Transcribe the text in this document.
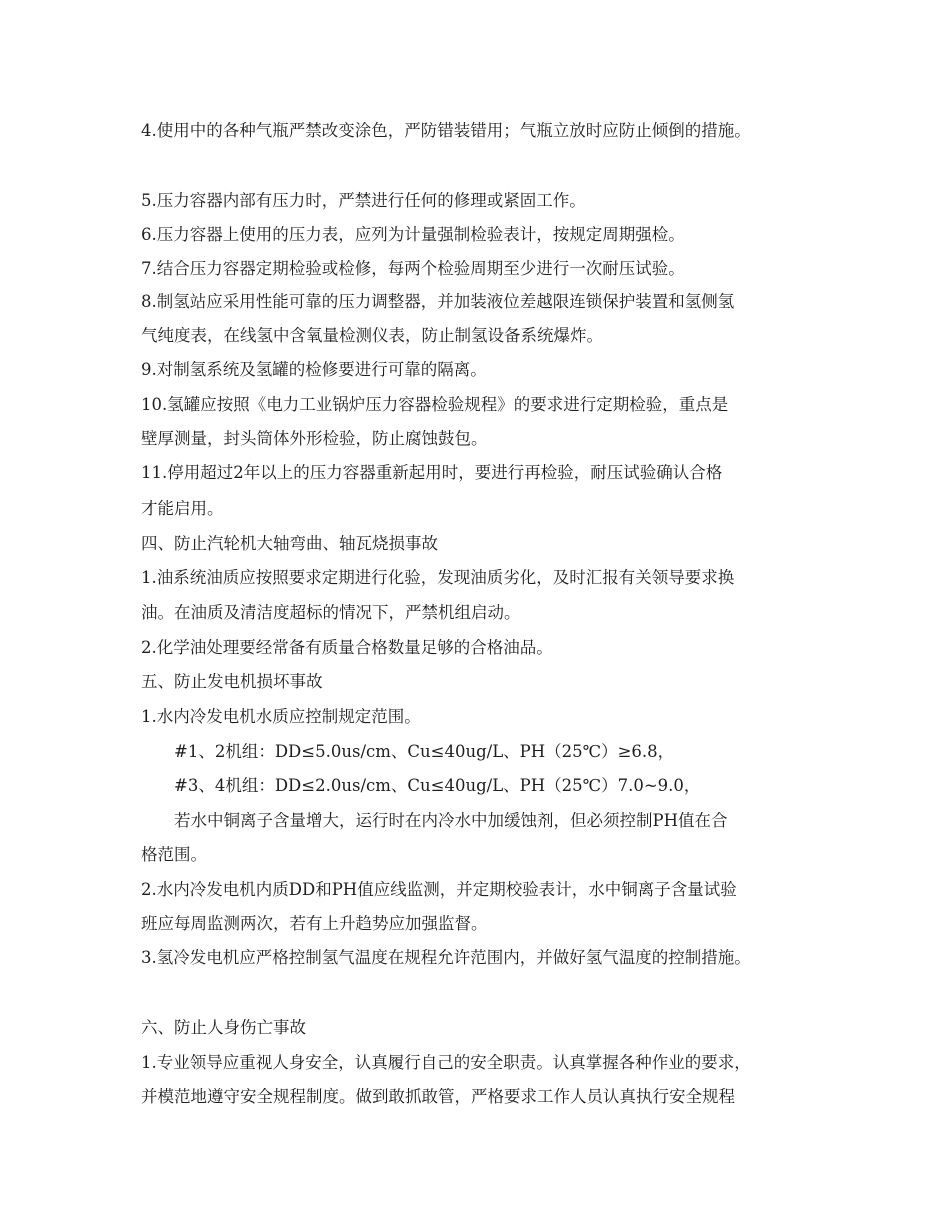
4.使用中的各种气瓶严禁改变涂色，严防错装错用；气瓶立放时应防止倾倒的措施。
5.压力容器内部有压力时，严禁进行任何的修理或紧固工作。
6.压力容器上使用的压力表，应列为计量强制检验表计，按规定周期强检。
7.结合压力容器定期检验或检修，每两个检验周期至少进行一次耐压试验。
8.制氢站应采用性能可靠的压力调整器，并加装液位差越限连锁保护装置和氢侧氢
气纯度表，在线氢中含氧量检测仪表，防止制氢设备系统爆炸。
9.对制氢系统及氢罐的检修要进行可靠的隔离。
10.氢罐应按照《电力工业锅炉压力容器检验规程》的要求进行定期检验，重点是
壁厚测量，封头筒体外形检验，防止腐蚀鼓包。
11.停用超过2年以上的压力容器重新起用时，要进行再检验，耐压试验确认合格
才能启用。
四、防止汽轮机大轴弯曲、轴瓦烧损事故
1.油系统油质应按照要求定期进行化验，发现油质劣化，及时汇报有关领导要求换
油。在油质及清洁度超标的情况下，严禁机组启动。
2.化学油处理要经常备有质量合格数量足够的合格油品。
五、防止发电机损坏事故
1.水内冷发电机水质应控制规定范围。
#1、2机组：DD≤5.0us/cm、Cu≤40ug/L、PH（25℃）≥6.8，
#3、4机组：DD≤2.0us/cm、Cu≤40ug/L、PH（25℃）7.0~9.0，
若水中铜离子含量增大，运行时在内冷水中加缓蚀剂，但必须控制PH值在合
格范围。
2.水内冷发电机内质DD和PH值应线监测，并定期校验表计，水中铜离子含量试验
班应每周监测两次，若有上升趋势应加强监督。
3.氢冷发电机应严格控制氢气温度在规程允许范围内，并做好氢气温度的控制措施。
六、防止人身伤亡事故
1.专业领导应重视人身安全，认真履行自己的安全职责。认真掌握各种作业的要求，
并模范地遵守安全规程制度。做到敢抓敢管，严格要求工作人员认真执行安全规程
